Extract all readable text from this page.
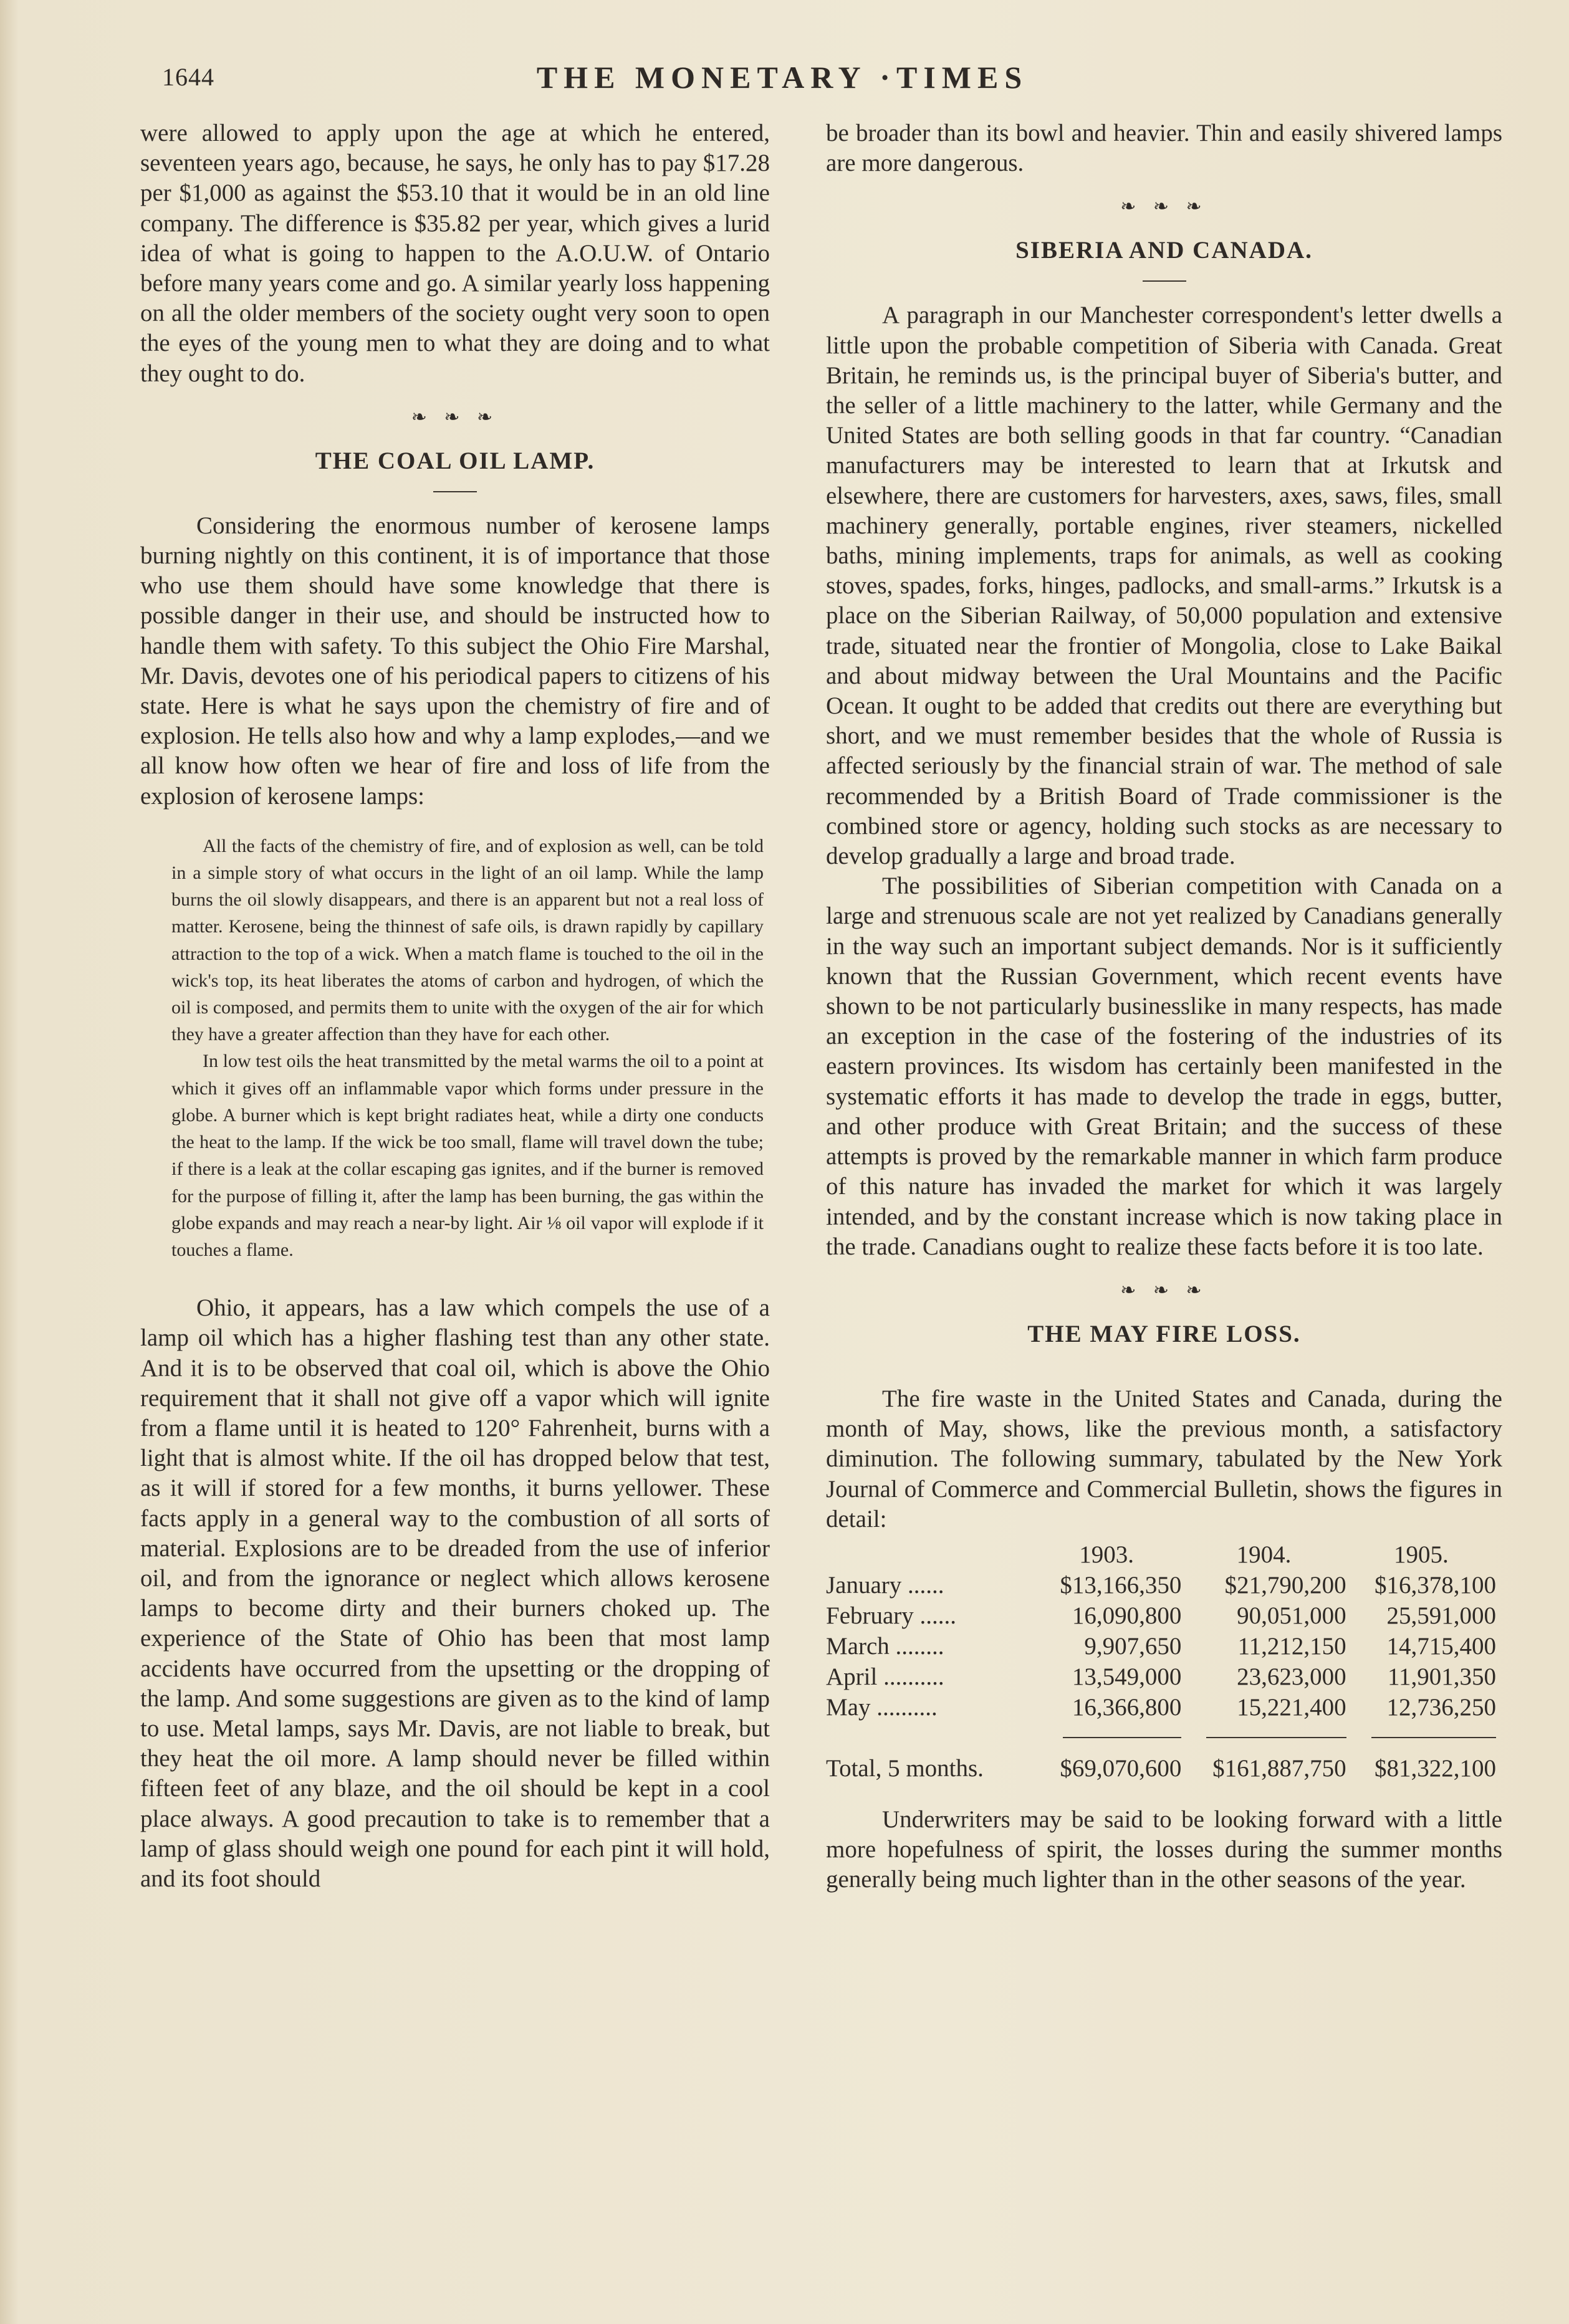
1644	THE MONETARY ·TIMES

were allowed to apply upon the age at which he entered, seventeen years ago, because, he says, he only has to pay $17.28 per $1,000 as against the $53.10 that it would be in an old line company. The difference is $35.82 per year, which gives a lurid idea of what is going to happen to the A.O.U.W. of Ontario before many years come and go. A similar yearly loss happening on all the older members of the society ought very soon to open the eyes of the young men to what they are doing and to what they ought to do.

❧ ❧ ❧
THE COAL OIL LAMP.

Considering the enormous number of kerosene lamps burning nightly on this continent, it is of importance that those who use them should have some knowledge that there is possible danger in their use, and should be instructed how to handle them with safety. To this subject the Ohio Fire Marshal, Mr. Davis, devotes one of his periodical papers to citizens of his state. Here is what he says upon the chemistry of fire and of explosion. He tells also how and why a lamp explodes,—and we all know how often we hear of fire and loss of life from the explosion of kerosene lamps:

All the facts of the chemistry of fire, and of explosion as well, can be told in a simple story of what occurs in the light of an oil lamp. While the lamp burns the oil slowly disappears, and there is an apparent but not a real loss of matter. Kerosene, being the thinnest of safe oils, is drawn rapidly by capillary attraction to the top of a wick. When a match flame is touched to the oil in the wick's top, its heat liberates the atoms of carbon and hydrogen, of which the oil is composed, and permits them to unite with the oxygen of the air for which they have a greater affection than they have for each other.

In low test oils the heat transmitted by the metal warms the oil to a point at which it gives off an inflammable vapor which forms under pressure in the globe. A burner which is kept bright radiates heat, while a dirty one conducts the heat to the lamp. If the wick be too small, flame will travel down the tube; if there is a leak at the collar escaping gas ignites, and if the burner is removed for the purpose of filling it, after the lamp has been burning, the gas within the globe expands and may reach a near-by light. Air ⅛ oil vapor will explode if it touches a flame.

Ohio, it appears, has a law which compels the use of a lamp oil which has a higher flashing test than any other state. And it is to be observed that coal oil, which is above the Ohio requirement that it shall not give off a vapor which will ignite from a flame until it is heated to 120° Fahrenheit, burns with a light that is almost white. If the oil has dropped below that test, as it will if stored for a few months, it burns yellower. These facts apply in a general way to the combustion of all sorts of material. Explosions are to be dreaded from the use of inferior oil, and from the ignorance or neglect which allows kerosene lamps to become dirty and their burners choked up. The experience of the State of Ohio has been that most lamp accidents have occurred from the upsetting or the dropping of the lamp. And some suggestions are given as to the kind of lamp to use. Metal lamps, says Mr. Davis, are not liable to break, but they heat the oil more. A lamp should never be filled within fifteen feet of any blaze, and the oil should be kept in a cool place always. A good precaution to take is to remember that a lamp of glass should weigh one pound for each pint it will hold, and its foot should

be broader than its bowl and heavier. Thin and easily shivered lamps are more dangerous.

❧ ❧ ❧
SIBERIA AND CANADA.

A paragraph in our Manchester correspondent's letter dwells a little upon the probable competition of Siberia with Canada. Great Britain, he reminds us, is the principal buyer of Siberia's butter, and the seller of a little machinery to the latter, while Germany and the United States are both selling goods in that far country. “Canadian manufacturers may be interested to learn that at Irkutsk and elsewhere, there are customers for harvesters, axes, saws, files, small machinery generally, portable engines, river steamers, nickelled baths, mining implements, traps for animals, as well as cooking stoves, spades, forks, hinges, padlocks, and small-arms.” Irkutsk is a place on the Siberian Railway, of 50,000 population and extensive trade, situated near the frontier of Mongolia, close to Lake Baikal and about midway between the Ural Mountains and the Pacific Ocean. It ought to be added that credits out there are everything but short, and we must remember besides that the whole of Russia is affected seriously by the financial strain of war. The method of sale recommended by a British Board of Trade commissioner is the combined store or agency, holding such stocks as are necessary to develop gradually a large and broad trade.

The possibilities of Siberian competition with Canada on a large and strenuous scale are not yet realized by Canadians generally in the way such an important subject demands. Nor is it sufficiently known that the Russian Government, which recent events have shown to be not particularly businesslike in many respects, has made an exception in the case of the fostering of the industries of its eastern provinces. Its wisdom has certainly been manifested in the systematic efforts it has made to develop the trade in eggs, butter, and other produce with Great Britain; and the success of these attempts is proved by the remarkable manner in which farm produce of this nature has invaded the market for which it was largely intended, and by the constant increase which is now taking place in the trade. Canadians ought to realize these facts before it is too late.

❧ ❧ ❧
THE MAY FIRE LOSS.

The fire waste in the United States and Canada, during the month of May, shows, like the previous month, a satisfactory diminution. The following summary, tabulated by the New York Journal of Commerce and Commercial Bulletin, shows the figures in detail:

	1903.	1904.	1905.
January ......	$13,166,350	$21,790,200	$16,378,100
February ......	16,090,800	90,051,000	25,591,000
March ........	9,907,650	11,212,150	14,715,400
April ..........	13,549,000	23,623,000	11,901,350
May ..........	16,366,800	15,221,400	12,736,250

Total, 5 months.	$69,070,600	$161,887,750	$81,322,100

Underwriters may be said to be looking forward with a little more hopefulness of spirit, the losses during the summer months generally being much lighter than in the other seasons of the year.
